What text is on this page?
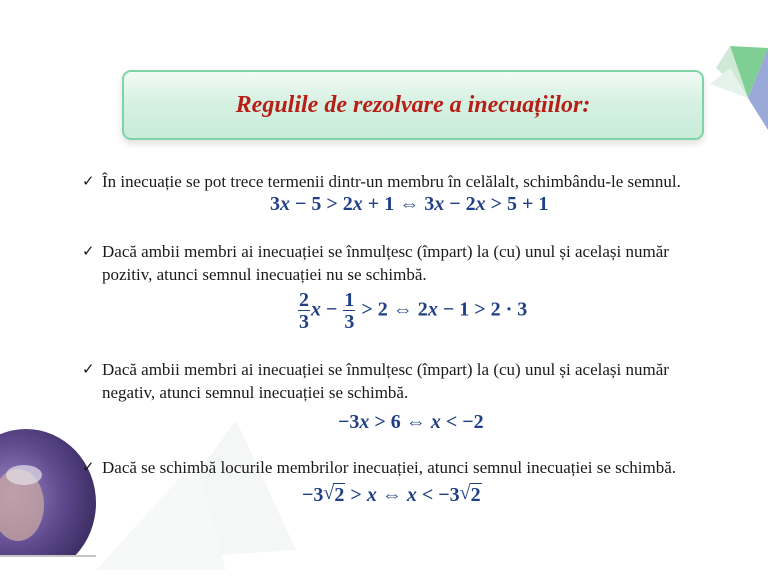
Regulile de rezolvare a inecuațiilor:
✓ În inecuație se pot trece termenii dintr-un membru în celălalt, schimbându-le semnul.

3x − 5 > 2x + 1 ⇔ 3x − 2x > 5 + 1
✓ Dacă ambii membri ai inecuației se înmulțesc (împart) la (cu) unul și același număr pozitiv, atunci semnul inecuației nu se schimbă.

$\frac{2}{3}$ $x - \frac{1}{3} > 2$ ⇔ 2x − 1 > 2 · 3
✓ Dacă ambii membri ai inecuației se înmulțesc (împart) la (cu) unul și același număr negativ, atunci semnul inecuației se schimbă.

−3x > 6 ⇔ x < −2
✓ Dacă se schimbă locurile membrilor inecuației, atunci semnul inecuației se schimbă.

−3 √ 2 > x ⇔ x < −3 √ 2
